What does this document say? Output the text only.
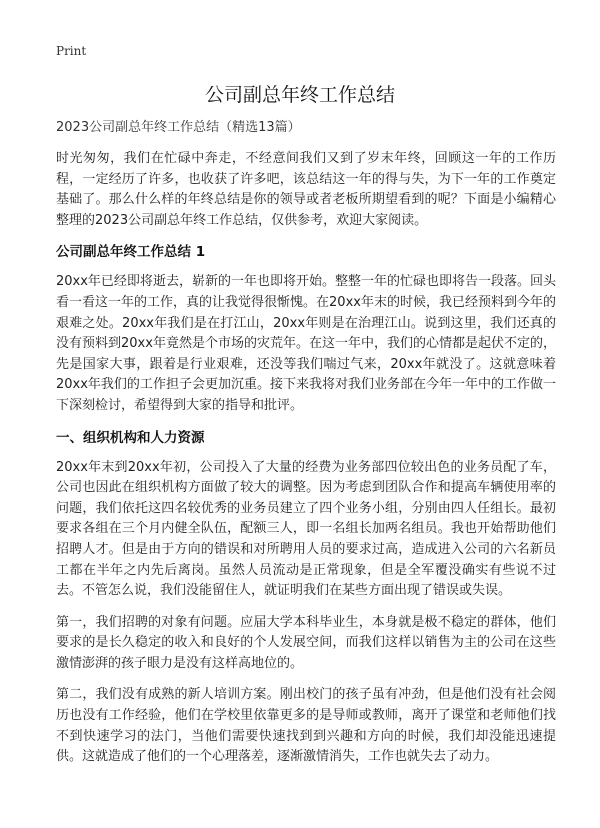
Print
公司副总年终工作总结

2023公司副总年终工作总结（精选13篇）

时光匆匆，我们在忙碌中奔走，不经意间我们又到了岁末年终，回顾这一年的工作历程，一定经历了许多，也收获了许多吧，该总结这一年的得与失，为下一年的工作奠定基础了。那么什么样的年终总结是你的领导或者老板所期望看到的呢？下面是小编精心整理的2023公司副总年终工作总结，仅供参考，欢迎大家阅读。

公司副总年终工作总结 1

20xx年已经即将逝去，崭新的一年也即将开始。整整一年的忙碌也即将告一段落。回头看一看这一年的工作，真的让我觉得很惭愧。在20xx年末的时候，我已经预料到今年的艰难之处。20xx年我们是在打江山，20xx年则是在治理江山。说到这里，我们还真的没有预料到20xx年竟然是个市场的灾荒年。在这一年中，我们的心情都是起伏不定的，先是国家大事，跟着是行业艰难，还没等我们喘过气来，20xx年就没了。这就意味着20xx年我们的工作担子会更加沉重。接下来我将对我们业务部在今年一年中的工作做一下深刻检讨，希望得到大家的指导和批评。

一、组织机构和人力资源

20xx年末到20xx年初，公司投入了大量的经费为业务部四位较出色的业务员配了车，公司也因此在组织机构方面做了较大的调整。因为考虑到团队合作和提高车辆使用率的问题，我们依托这四名较优秀的业务员建立了四个业务小组，分别由四人任组长。最初要求各组在三个月内健全队伍，配额三人，即一名组长加两名组员。我也开始帮助他们招聘人才。但是由于方向的错误和对所聘用人员的要求过高，造成进入公司的六名新员工都在半年之内先后离岗。虽然人员流动是正常现象，但是全军覆没确实有些说不过去。不管怎么说，我们没能留住人，就证明我们在某些方面出现了错误或失误。

第一，我们招聘的对象有问题。应届大学本科毕业生，本身就是极不稳定的群体，他们要求的是长久稳定的收入和良好的个人发展空间，而我们这样以销售为主的公司在这些激情澎湃的孩子眼力是没有这样高地位的。

第二，我们没有成熟的新人培训方案。刚出校门的孩子虽有冲劲，但是他们没有社会阅历也没有工作经验，他们在学校里依靠更多的是导师或教师，离开了课堂和老师他们找不到快速学习的法门，当他们需要快速找到到兴趣和方向的时候，我们却没能迅速提供。这就造成了他们的一个心理落差，逐渐激情消失，工作也就失去了动力。
